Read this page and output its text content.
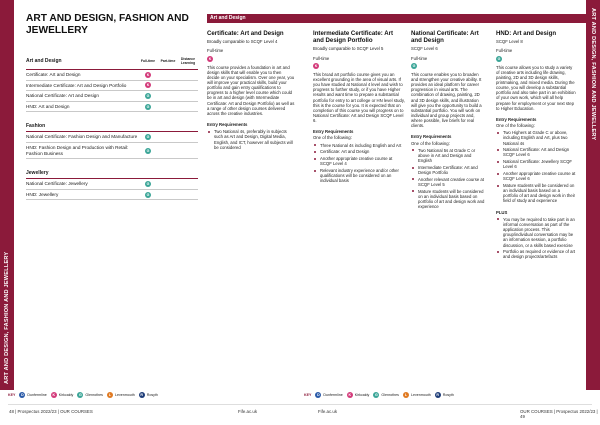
ART AND DESIGN, FASHION AND JEWELLERY
ART AND DESIGN, FASHION AND JEWELLERY
ART AND DESIGN, FASHION AND JEWELLERY
Art and Design	Full-time	Part-time	Distance Learning
Certificate: Art and Design	K
Intermediate Certificate: Art and Design Portfolio	K
National Certificate: Art and Design	G
HND: Art and Design	G
Fashion
National Certificate: Fashion Design and Manufacture	G
HND: Fashion Design and Production with Retail: Fashion Business	G
Jewellery
National Certificate: Jewellery	G
HND: Jewellery	G
Art and Design
Certificate: Art and Design
Broadly comparable to SCQF Level 4
Full-time
K
This course provides a foundation in art and design skills that will enable you to then decide on your specialism. Over one year, you will improve your practical skills, build your portfolio and gain entry qualifications to progress to a higher level course which could be in art and design (with Intermediate Certificate: Art and Design Portfolio) as well as a range of other design courses delivered across the creative industries.
Entry Requirements
Two National 4s, preferably in subjects such as Art and Design, Digital Media, English, and ICT, however all subjects will be considered
Intermediate Certificate: Art and Design Portfolio
Broadly comparable to SCQF Level 5
Full-time
K
This broad art portfolio course gives you an excellent grounding in the area of visual arts. If you have studied at National 4 level and wish to progress to further study, or if you have Higher results and want time to prepare a substantial portfolio for entry to art college or HN level study, this is the course for you. It is expected that on completion of this course you will progress on to National Certificate: Art and Design SCQF Level 6.
Entry Requirements
One of the following:
Three National 4s including English and Art
Certificate: Art and Design
Another appropriate creative course at SCQF Level 4
Relevant industry experience and/or other qualifications will be considered on an individual basis
National Certificate: Art and Design
SCQF Level 6
Full-time
G
This course enables you to broaden and strengthen your creative ability. It provides an ideal platform for career progression in visual arts. The combination of drawing, painting, 2D and 3D design skills, and illustration will give you the opportunity to build a substantial portfolio. You will work on individual and group projects and, where possible, live briefs for real clients.
Entry Requirements
One of the following:
Two National 5s at Grade C or above in Art and Design and English
Intermediate Certificate: Art and Design Portfolio
Another relevant creative course at SCQF Level 5
Mature students will be considered on an individual basis based on portfolio of art and design work and experience
HND: Art and Design
SCQF Level 8
Full-time
G
This course allows you to study a variety of creative arts including life drawing, painting, 2D and 3D design skills, printmaking, and mixed media. During the course, you will develop a substantial portfolio and also take part in an exhibition of your own work, which will all help prepare for employment or your next step to Higher Education.
Entry Requirements
One of the following:
Two Highers at Grade C or above, including English and Art, plus two National 4s
National Certificate: Art and Design SCQF Level 6
National Certificate: Jewellery SCQF Level 6
Another appropriate creative course at SCQF Level 6
Mature students will be considered on an individual basis based on a portfolio of art and design work in their field of study and experience
PLUS
You may be required to take part in an informal conversation as part of the application process. This group/individual conversation may be an information session, a portfolio discussion, or a skills based exercise
Portfolio as required or evidence of art and design projects/artefacts
KEY	D	Dunfermline	K	Kirkcaldy	G	Glenrothes	L	Levenmouth	R	Rosyth	KEY	D	Dunfermline	K	Kirkcaldy	G	Glenrothes	L	Levenmouth	R	Rosyth
48 | Prospectus 2022/23 | OUR COURSES	Fife.ac.uk	Fife.ac.uk	OUR COURSES | Prospectus 2022/23 | 49
